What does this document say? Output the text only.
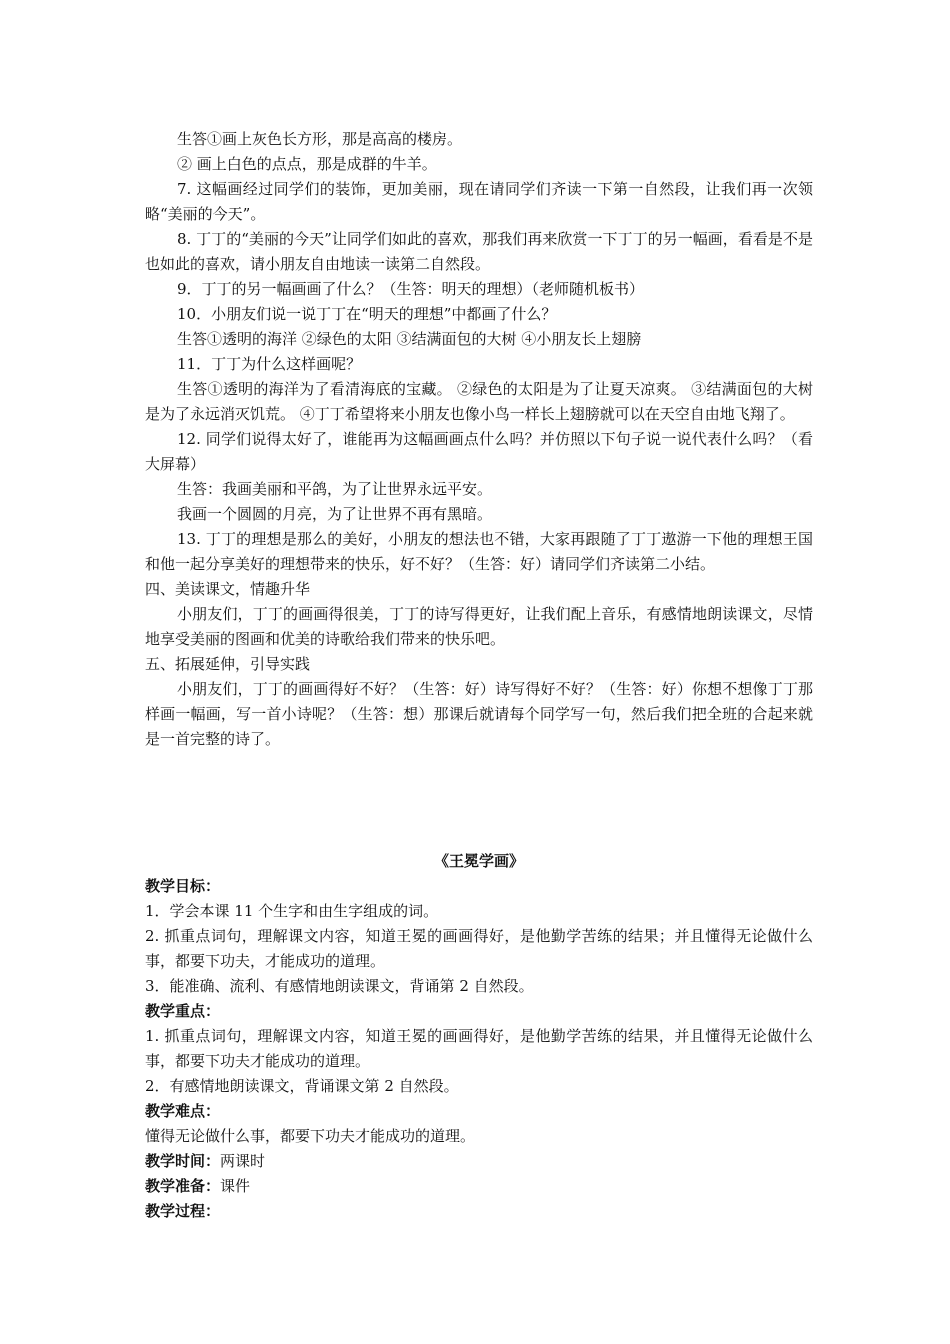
生答①画上灰色长方形，那是高高的楼房。

② 画上白色的点点，那是成群的牛羊。

7. 这幅画经过同学们的装饰，更加美丽，现在请同学们齐读一下第一自然段，让我们再一次领略“美丽的今天”。

8. 丁丁的“美丽的今天”让同学们如此的喜欢，那我们再来欣赏一下丁丁的另一幅画，看看是不是也如此的喜欢，请小朋友自由地读一读第二自然段。

9．丁丁的另一幅画画了什么？（生答：明天的理想）（老师随机板书）

10．小朋友们说一说丁丁在“明天的理想”中都画了什么？

生答①透明的海洋 ②绿色的太阳 ③结满面包的大树 ④小朋友长上翅膀

11．丁丁为什么这样画呢？

生答①透明的海洋为了看清海底的宝藏。 ②绿色的太阳是为了让夏天凉爽。 ③结满面包的大树是为了永远消灭饥荒。 ④丁丁希望将来小朋友也像小鸟一样长上翅膀就可以在天空自由地飞翔了。

12. 同学们说得太好了，谁能再为这幅画画点什么吗？并仿照以下句子说一说代表什么吗？（看大屏幕）

生答：我画美丽和平鸽，为了让世界永远平安。

我画一个圆圆的月亮，为了让世界不再有黑暗。

13. 丁丁的理想是那么的美好，小朋友的想法也不错，大家再跟随了丁丁遨游一下他的理想王国和他一起分享美好的理想带来的快乐，好不好？（生答：好）请同学们齐读第二小结。

四、美读课文，情趣升华

小朋友们，丁丁的画画得很美，丁丁的诗写得更好，让我们配上音乐，有感情地朗读课文，尽情地享受美丽的图画和优美的诗歌给我们带来的快乐吧。

五、拓展延伸，引导实践

小朋友们，丁丁的画画得好不好？（生答：好）诗写得好不好？（生答：好）你想不想像丁丁那样画一幅画，写一首小诗呢？（生答：想）那课后就请每个同学写一句，然后我们把全班的合起来就是一首完整的诗了。

《王冕学画》

教学目标：

1．学会本课 11 个生字和由生字组成的词。

2. 抓重点词句，理解课文内容，知道王冕的画画得好，是他勤学苦练的结果；并且懂得无论做什么事，都要下功夫，才能成功的道理。

3．能准确、流利、有感情地朗读课文，背诵第 2 自然段。

教学重点：

1. 抓重点词句，理解课文内容，知道王冕的画画得好，是他勤学苦练的结果，并且懂得无论做什么事，都要下功夫才能成功的道理。

2．有感情地朗读课文，背诵课文第 2 自然段。

教学难点：

懂得无论做什么事，都要下功夫才能成功的道理。

教学时间：两课时

教学准备：课件

教学过程：
